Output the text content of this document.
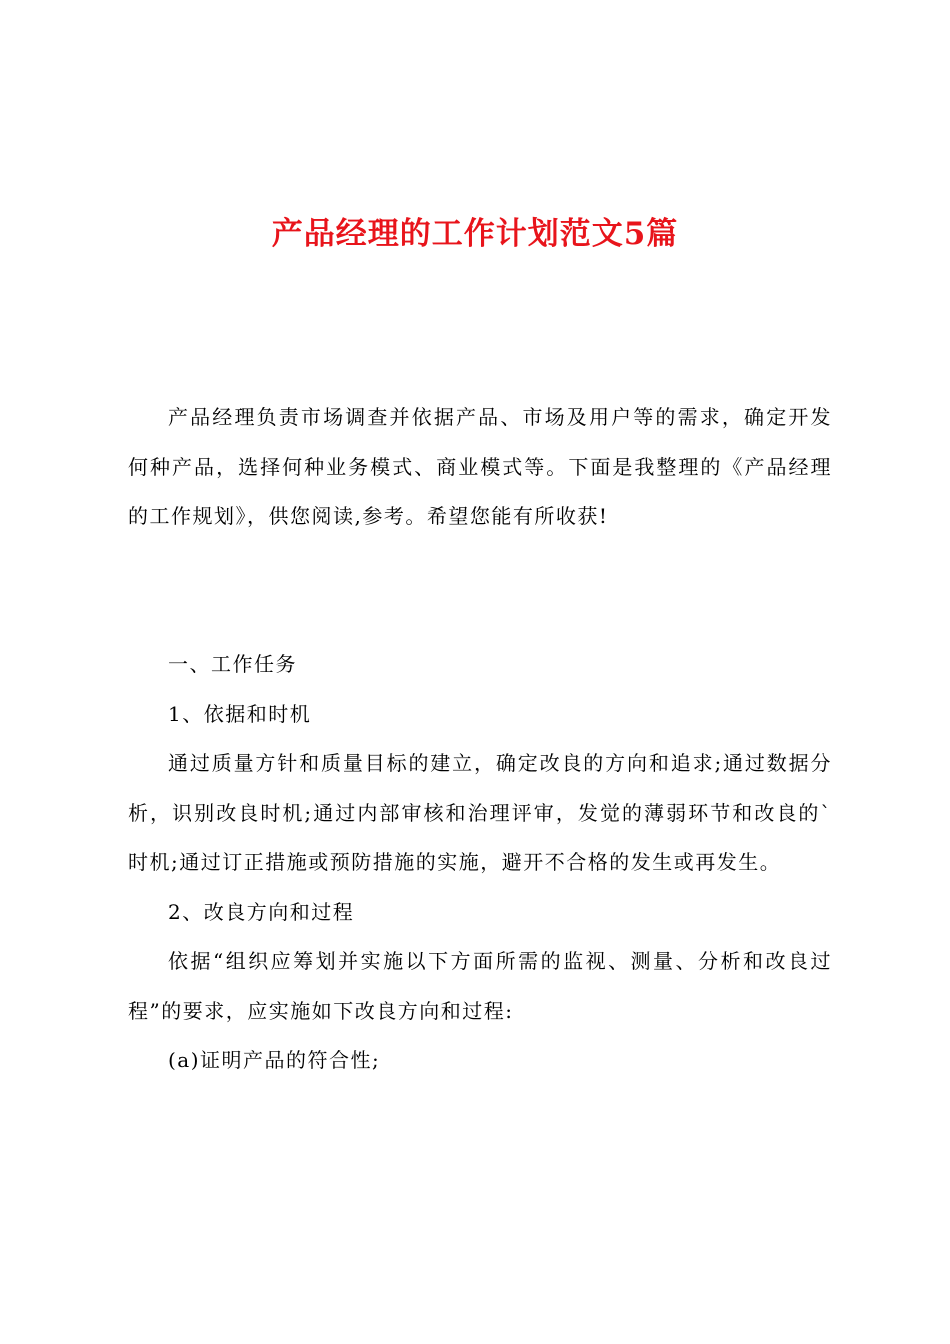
产品经理的工作计划范文5篇

产品经理负责市场调查并依据产品、市场及用户等的需求，确定开发何种产品，选择何种业务模式、商业模式等。下面是我整理的《产品经理的工作规划》，供您阅读,参考。希望您能有所收获!

一、工作任务

1、依据和时机

通过质量方针和质量目标的建立，确定改良的方向和追求;通过数据分析，识别改良时机;通过内部审核和治理评审，发觉的薄弱环节和改良的`时机;通过订正措施或预防措施的实施，避开不合格的发生或再发生。

2、改良方向和过程

依据“组织应筹划并实施以下方面所需的监视、测量、分析和改良过程”的要求，应实施如下改良方向和过程:

(a)证明产品的符合性;
